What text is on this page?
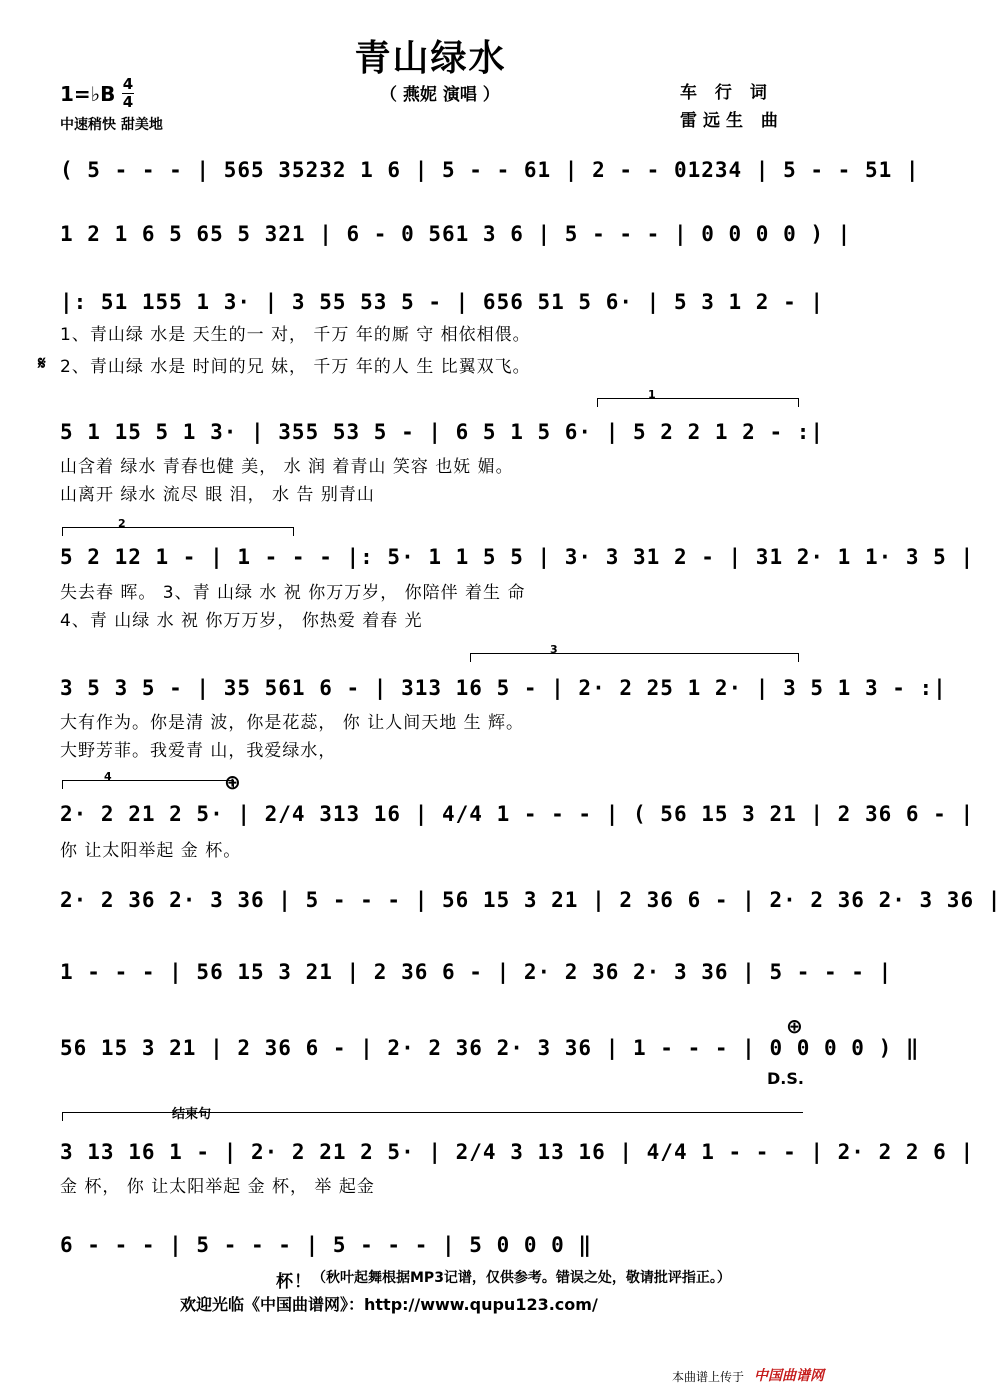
青山绿水
1=♭B 4
4
中速稍快 甜美地
（ 燕妮 演唱 ）	车 行 词
雷远生 曲
( 5 - - - | 565 35232 1 6 | 5 - - 61 | 2 - - 01234 | 5 - - 51 |
1 2 1 6 5 65 5 321 | 6 - 0 561 3 6 | 5 - - - | 0 0 0 0 ) |
|: 51 155 1 3· | 3 55 53 5 - | 656 51 5 6· | 5 3 1 2 - |
1、青山绿 水是 天生的一 对， 千万 年的厮 守 相依相偎。
𝄋 2、青山绿 水是 时间的兄 妹， 千万 年的人 生 比翼双飞。
1
5 1 15 5 1 3· | 355 53 5 - | 6 5 1 5 6· | 5 2 2 1 2 - :|
山含着 绿水 青春也健 美， 水 润 着青山 笑容 也妩 媚。
山离开 绿水 流尽 眼 泪， 水 告 别青山
2
5 2 12 1 - | 1 - - - |: 5· 1 1 5 5 | 3· 3 31 2 - | 31 2· 1 1· 3 5 |
失去春 晖。 3、青 山绿 水 祝 你万万岁， 你陪伴 着生 命
4、青 山绿 水 祝 你万万岁， 你热爱 着春 光
3
3 5 3 5 - | 35 561 6 - | 313 16 5 - | 2· 2 25 1 2· | 3 5 1 3 - :|
大有作为。你是清 波，你是花蕊， 你 让人间天地 生 辉。
大野芳菲。我爱青 山，我爱绿水，
4	⊕
2· 2 21 2 5· | 2/4 313 16 | 4/4 1 - - - | ( 56 15 3 21 | 2 36 6 - |
你 让太阳举起 金 杯。
2· 2 36 2· 3 36 | 5 - - - | 56 15 3 21 | 2 36 6 - | 2· 2 36 2· 3 36 |
1 - - - | 56 15 3 21 | 2 36 6 - | 2· 2 36 2· 3 36 | 5 - - - |
⊕
56 15 3 21 | 2 36 6 - | 2· 2 36 2· 3 36 | 1 - - - | 0 0 0 0 ) ‖
D.S.
结束句
3 13 16 1 - | 2· 2 21 2 5· | 2/4 3 13 16 | 4/4 1 - - - | 2· 2 2 6 |
金 杯， 你 让太阳举起 金 杯， 举 起金
6 - - - | 5 - - - | 5 - - - | 5 0 0 0 ‖
杯！ （秋叶起舞根据MP3记谱，仅供参考。错误之处，敬请批评指正。）
欢迎光临《中国曲谱网》：http://www.qupu123.com/
本曲谱上传于 中国曲谱网
